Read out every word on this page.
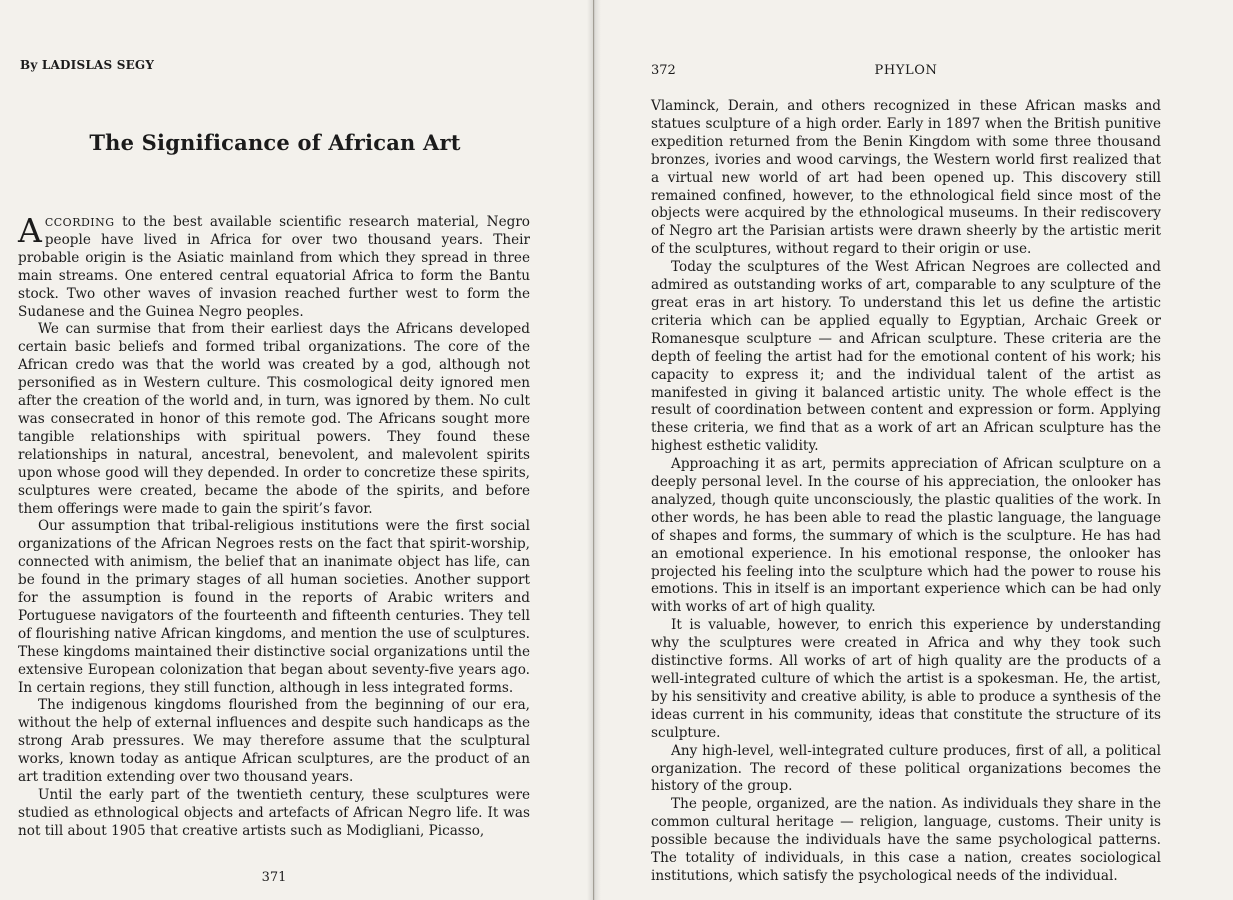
By LADISLAS SEGY
The Significance of African Art

ACCORDING to the best available scientific research material, Negro people have lived in Africa for over two thousand years. Their probable origin is the Asiatic mainland from which they spread in three main streams. One entered central equatorial Africa to form the Bantu stock. Two other waves of invasion reached further west to form the Sudanese and the Guinea Negro peoples.

We can surmise that from their earliest days the Africans developed certain basic beliefs and formed tribal organizations. The core of the African credo was that the world was created by a god, although not personified as in Western culture. This cosmological deity ignored men after the creation of the world and, in turn, was ignored by them. No cult was consecrated in honor of this remote god. The Africans sought more tangible relationships with spiritual powers. They found these relationships in natural, ancestral, benevolent, and malevolent spirits upon whose good will they depended. In order to concretize these spirits, sculptures were created, became the abode of the spirits, and before them offerings were made to gain the spirit’s favor.

Our assumption that tribal-religious institutions were the first social organizations of the African Negroes rests on the fact that spirit-worship, connected with animism, the belief that an inanimate object has life, can be found in the primary stages of all human societies. Another support for the assumption is found in the reports of Arabic writers and Portuguese navigators of the fourteenth and fifteenth centuries. They tell of flourishing native African kingdoms, and mention the use of sculptures. These kingdoms maintained their distinctive social organizations until the extensive European colonization that began about seventy-five years ago. In certain regions, they still function, although in less integrated forms.

The indigenous kingdoms flourished from the beginning of our era, without the help of external influences and despite such handicaps as the strong Arab pressures. We may therefore assume that the sculptural works, known today as antique African sculptures, are the product of an art tradition extending over two thousand years.

Until the early part of the twentieth century, these sculptures were studied as ethnological objects and artefacts of African Negro life. It was not till about 1905 that creative artists such as Modigliani, Picasso,

371
372	PHYLON

Vlaminck, Derain, and others recognized in these African masks and statues sculpture of a high order. Early in 1897 when the British punitive expedition returned from the Benin Kingdom with some three thousand bronzes, ivories and wood carvings, the Western world first realized that a virtual new world of art had been opened up. This discovery still remained confined, however, to the ethnological field since most of the objects were acquired by the ethnological museums. In their rediscovery of Negro art the Parisian artists were drawn sheerly by the artistic merit of the sculptures, without regard to their origin or use.

Today the sculptures of the West African Negroes are collected and admired as outstanding works of art, comparable to any sculpture of the great eras in art history. To understand this let us define the artistic criteria which can be applied equally to Egyptian, Archaic Greek or Romanesque sculpture — and African sculpture. These criteria are the depth of feeling the artist had for the emotional content of his work; his capacity to express it; and the individual talent of the artist as manifested in giving it balanced artistic unity. The whole effect is the result of coordination between content and expression or form. Applying these criteria, we find that as a work of art an African sculpture has the highest esthetic validity.

Approaching it as art, permits appreciation of African sculpture on a deeply personal level. In the course of his appreciation, the onlooker has analyzed, though quite unconsciously, the plastic qualities of the work. In other words, he has been able to read the plastic language, the language of shapes and forms, the summary of which is the sculpture. He has had an emotional experience. In his emotional response, the onlooker has projected his feeling into the sculpture which had the power to rouse his emotions. This in itself is an important experience which can be had only with works of art of high quality.

It is valuable, however, to enrich this experience by understanding why the sculptures were created in Africa and why they took such distinctive forms. All works of art of high quality are the products of a well-integrated culture of which the artist is a spokesman. He, the artist, by his sensitivity and creative ability, is able to produce a synthesis of the ideas current in his community, ideas that constitute the structure of its sculpture.

Any high-level, well-integrated culture produces, first of all, a political organization. The record of these political organizations becomes the history of the group.

The people, organized, are the nation. As individuals they share in the common cultural heritage — religion, language, customs. Their unity is possible because the individuals have the same psychological patterns. The totality of individuals, in this case a nation, creates sociological institutions, which satisfy the psychological needs of the individual.
